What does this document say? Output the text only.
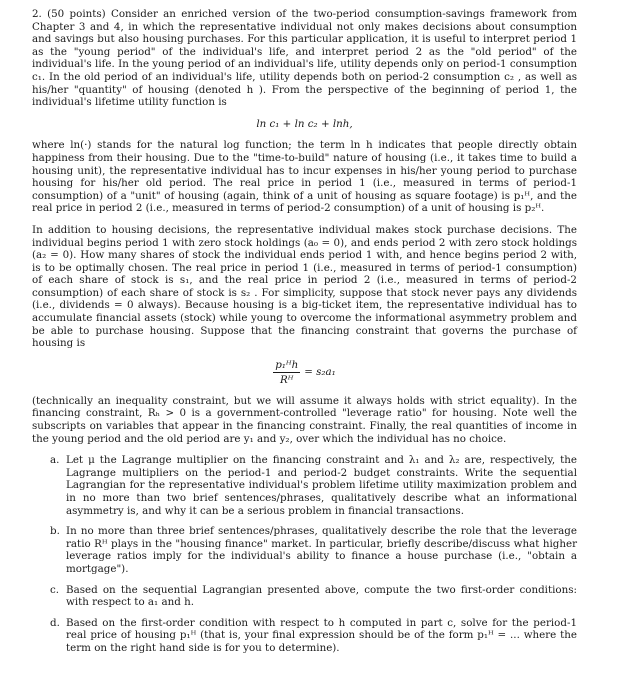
2. (50 points) Consider an enriched version of the two-period consumption-savings framework from Chapter 3 and 4, in which the representative individual not only makes decisions about consumption and savings but also housing purchases. For this particular application, it is useful to interpret period 1 as the "young period" of the individual's life, and interpret period 2 as the "old period" of the individual's life. In the young period of an individual's life, utility depends only on period-1 consumption c₁. In the old period of an individual's life, utility depends both on period-2 consumption c₂ , as well as his/her "quantity" of housing (denoted h ). From the perspective of the beginning of period 1, the individual's lifetime utility function is

ln c₁ + ln c₂ + lnh,

where ln(·) stands for the natural log function; the term ln h indicates that people directly obtain happiness from their housing. Due to the "time-to-build" nature of housing (i.e., it takes time to build a housing unit), the representative individual has to incur expenses in his/her young period to purchase housing for his/her old period. The real price in period 1 (i.e., measured in terms of period-1 consumption) of a "unit" of housing (again, think of a unit of housing as square footage) is p₁ᴴ, and the real price in period 2 (i.e., measured in terms of period-2 consumption) of a unit of housing is p₂ᴴ.

In addition to housing decisions, the representative individual makes stock purchase decisions. The individual begins period 1 with zero stock holdings (a₀ = 0), and ends period 2 with zero stock holdings (a₂ = 0). How many shares of stock the individual ends period 1 with, and hence begins period 2 with, is to be optimally chosen. The real price in period 1 (i.e., measured in terms of period-1 consumption) of each share of stock is s₁, and the real price in period 2 (i.e., measured in terms of period-2 consumption) of each share of stock is s₂ . For simplicity, suppose that stock never pays any dividends (i.e., dividends = 0 always). Because housing is a big-ticket item, the representative individual has to accumulate financial assets (stock) while young to overcome the informational asymmetry problem and be able to purchase housing. Suppose that the financing constraint that governs the purchase of housing is

$\frac{\text{p₁ᴴh}}{\text{Rᴴ}} = s_2a_1$

(technically an inequality constraint, but we will assume it always holds with strict equality). In the financing constraint, Rₕ > 0 is a government-controlled "leverage ratio" for housing. Note well the subscripts on variables that appear in the financing constraint. Finally, the real quantities of income in the young period and the old period are y₁ and y₂, over which the individual has no choice.

a. Let μ the Lagrange multiplier on the financing constraint and λ₁ and λ₂ are, respectively, the Lagrange multipliers on the period-1 and period-2 budget constraints. Write the sequential Lagrangian for the representative individual's problem lifetime utility maximization problem and in no more than two brief sentences/phrases, qualitatively describe what an informational asymmetry is, and why it can be a serious problem in financial transactions.
b. In no more than three brief sentences/phrases, qualitatively describe the role that the leverage ratio Rᴴ plays in the "housing finance" market. In particular, briefly describe/discuss what higher leverage ratios imply for the individual's ability to finance a house purchase (i.e., "obtain a mortgage").
c. Based on the sequential Lagrangian presented above, compute the two first-order conditions: with respect to a₁ and h.
d. Based on the first-order condition with respect to h computed in part c, solve for the period-1 real price of housing p₁ᴴ (that is, your final expression should be of the form p₁ᴴ = ... where the term on the right hand side is for you to determine).
